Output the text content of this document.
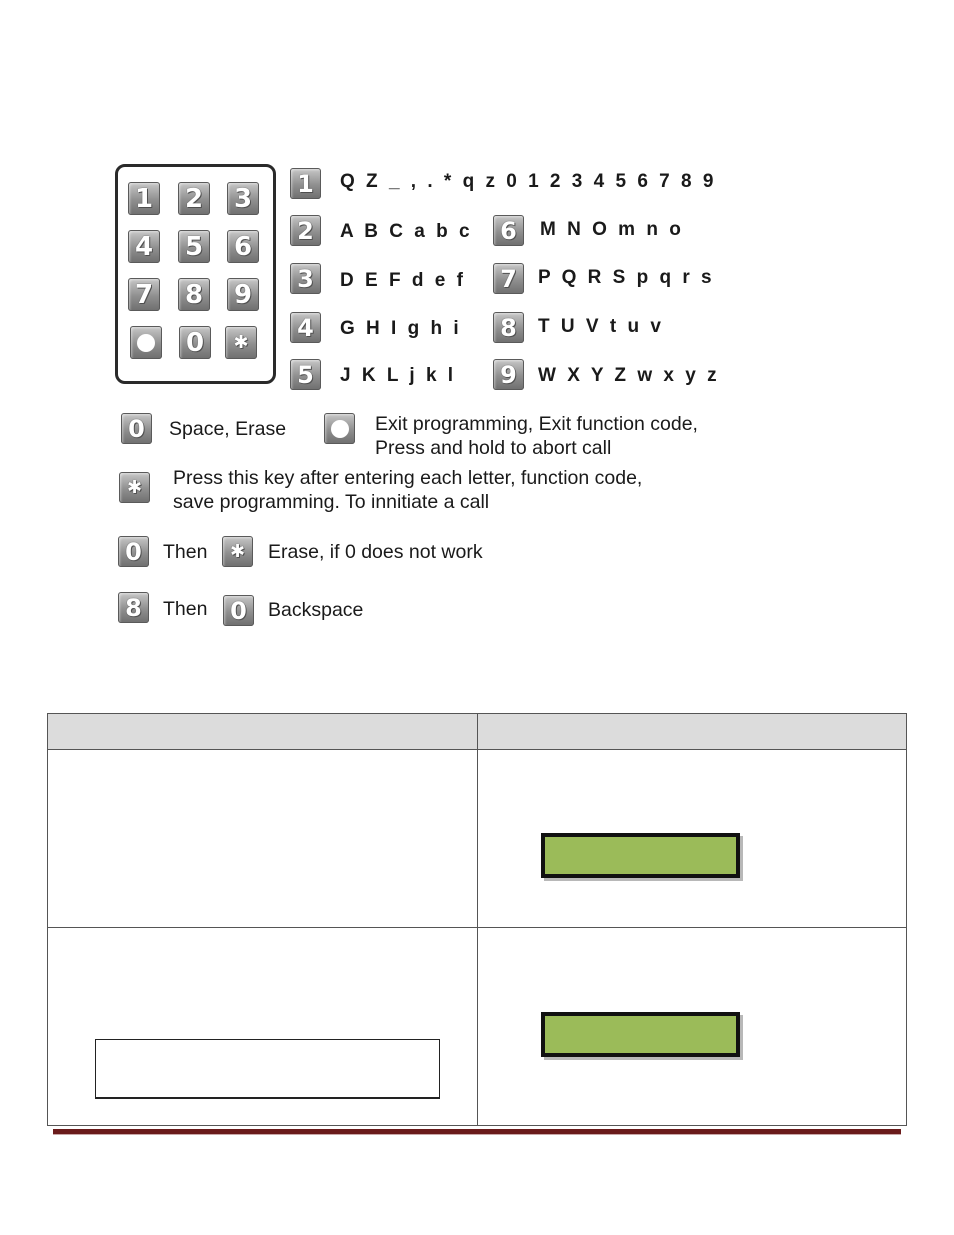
1 2 3
4 5 6
7 8 9
0	✱
1	Q Z _ , . * q z 0 1 2 3 4 5 6 7 8 9
2	A B C a b c
3	D E F d e f
4	G H I g h i
5	J K L j k l
6	M N O m n o
7	P Q R S p q r s
8	T U V t u v
9	W X Y Z w x y z
0	Space, Erase	Exit programming, Exit function code,
Press and hold to abort call
✱ Press this key after entering each letter, function code,
save programming. To innitiate a call
0	Then ✱ Erase, if 0 does not work
8	Then 0	Backspace
